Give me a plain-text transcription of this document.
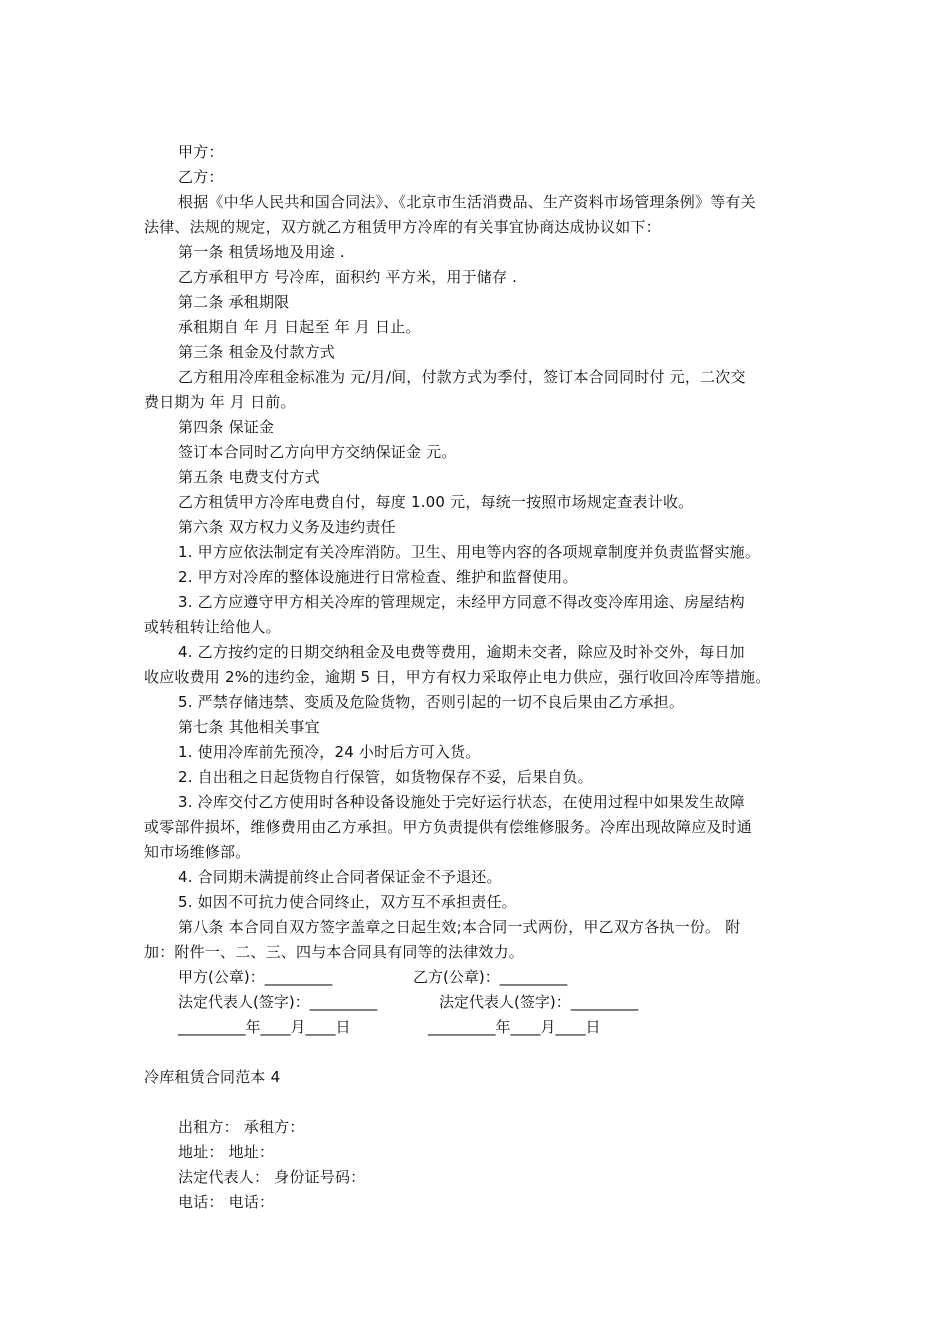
甲方：
乙方：
根据《中华人民共和国合同法》、《北京市生活消费品、生产资料市场管理条例》等有关
法律、法规的规定，双方就乙方租赁甲方冷库的有关事宜协商达成协议如下：
第一条 租赁场地及用途 .
乙方承租甲方 号冷库，面积约 平方米，用于储存 .
第二条 承租期限
承租期自 年 月 日起至 年 月 日止。
第三条 租金及付款方式
乙方租用冷库租金标准为 元/月/间，付款方式为季付，签订本合同同时付 元，二次交
费日期为 年 月 日前。
第四条 保证金
签订本合同时乙方向甲方交纳保证金 元。
第五条 电费支付方式
乙方租赁甲方冷库电费自付，每度 1.00 元，每统一按照市场规定查表计收。
第六条 双方权力义务及违约责任
1. 甲方应依法制定有关冷库消防。卫生、用电等内容的各项规章制度并负责监督实施。
2. 甲方对冷库的整体设施进行日常检查、维护和监督使用。
3. 乙方应遵守甲方相关冷库的管理规定，未经甲方同意不得改变冷库用途、房屋结构
或转租转让给他人。
4. 乙方按约定的日期交纳租金及电费等费用，逾期未交者，除应及时补交外，每日加
收应收费用 2%的违约金，逾期 5 日，甲方有权力采取停止电力供应，强行收回冷库等措施。
5. 严禁存储违禁、变质及危险货物，否则引起的一切不良后果由乙方承担。
第七条 其他相关事宜
1. 使用冷库前先预冷，24 小时后方可入货。
2. 自出租之日起货物自行保管，如货物保存不妥，后果自负。
3. 冷库交付乙方使用时各种设备设施处于完好运行状态，在使用过程中如果发生故障
或零部件损坏，维修费用由乙方承担。甲方负责提供有偿维修服务。冷库出现故障应及时通
知市场维修部。
4. 合同期未满提前终止合同者保证金不予退还。
5. 如因不可抗力使合同终止，双方互不承担责任。
第八条 本合同自双方签字盖章之日起生效;本合同一式两份，甲乙双方各执一份。 附
加：附件一、二、三、四与本合同具有同等的法律效力。
甲方(公章)：_________	乙方(公章)：_________
法定代表人(签字)：_________	法定代表人(签字)：_________
_________年____月____日	_________年____月____日
冷库租赁合同范本 4
出租方： 承租方：
地址： 地址：
法定代表人： 身份证号码：
电话： 电话：
